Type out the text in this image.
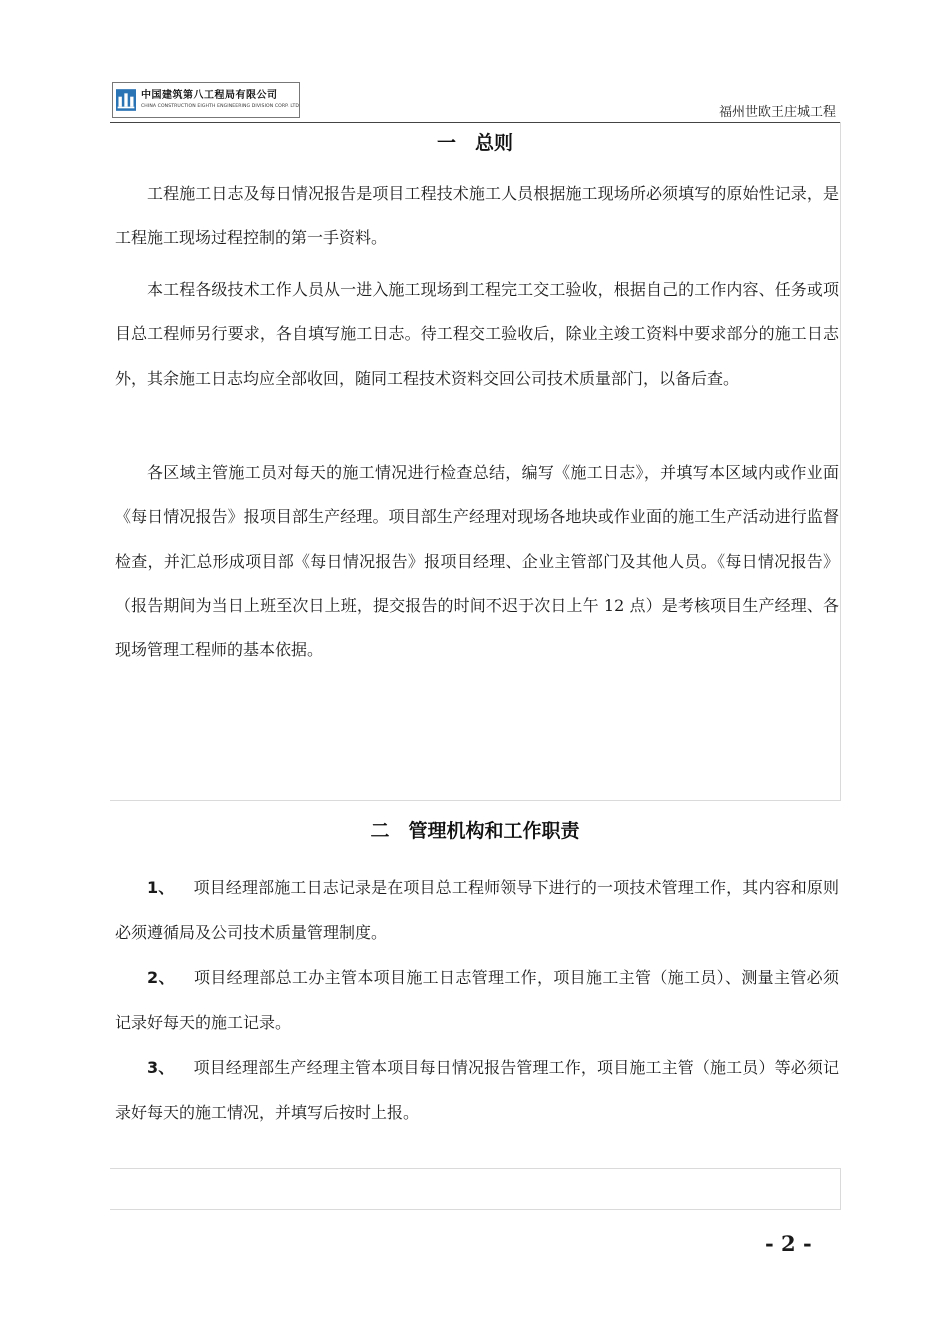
中国建筑第八工程局有限公司
CHINA CONSTRUCTION EIGHTH ENGINEERING DIVISION CORP. LTD	福州世欧王庄城工程
一　总则

工程施工日志及每日情况报告是项目工程技术施工人员根据施工现场所必须填写的原始性记录，是工程施工现场过程控制的第一手资料。

本工程各级技术工作人员从一进入施工现场到工程完工交工验收，根据自己的工作内容、任务或项目总工程师另行要求，各自填写施工日志。待工程交工验收后，除业主竣工资料中要求部分的施工日志外，其余施工日志均应全部收回，随同工程技术资料交回公司技术质量部门，以备后查。

各区域主管施工员对每天的施工情况进行检查总结，编写《施工日志》，并填写本区域内或作业面《每日情况报告》报项目部生产经理。项目部生产经理对现场各地块或作业面的施工生产活动进行监督检查，并汇总形成项目部《每日情况报告》报项目经理、企业主管部门及其他人员。《每日情况报告》（报告期间为当日上班至次日上班，提交报告的时间不迟于次日上午 12 点）是考核项目生产经理、各现场管理工程师的基本依据。

二　管理机构和工作职责

1、 项目经理部施工日志记录是在项目总工程师领导下进行的一项技术管理工作，其内容和原则必须遵循局及公司技术质量管理制度。

2、 项目经理部总工办主管本项目施工日志管理工作，项目施工主管（施工员）、测量主管必须记录好每天的施工记录。

3、 项目经理部生产经理主管本项目每日情况报告管理工作，项目施工主管（施工员）等必须记录好每天的施工情况，并填写后按时上报。

- 2 -
